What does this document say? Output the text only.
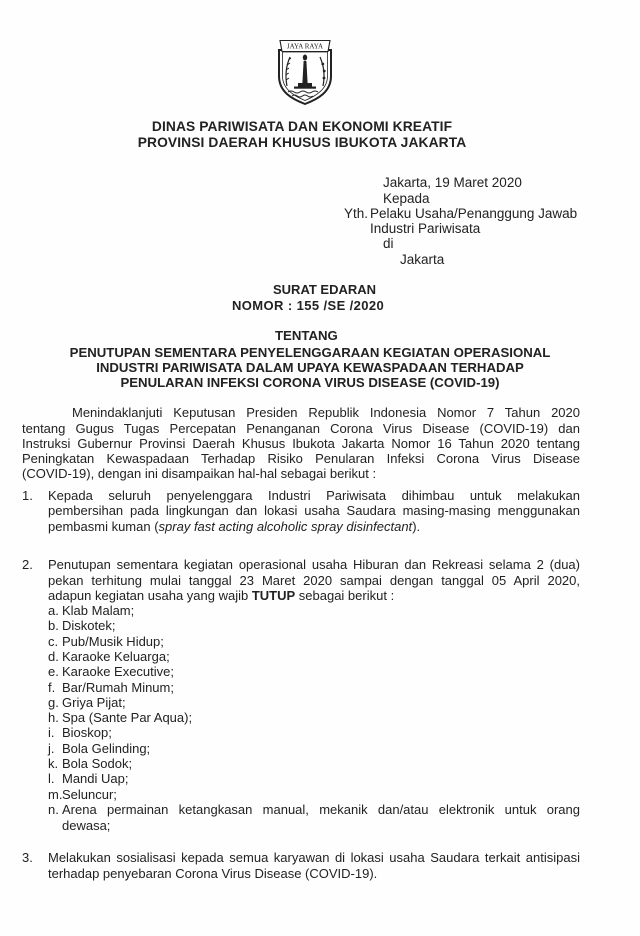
JAYA RAYA
DINAS PARIWISATA DAN EKONOMI KREATIF
PROVINSI DAERAH KHUSUS IBUKOTA JAKARTA
Jakarta, 19 Maret 2020
Kepada
Yth. Pelaku Usaha/Penanggung Jawab
Industri Pariwisata
di
Jakarta
SURAT EDARAN
NOMOR : 155 /SE /2020
TENTANG
PENUTUPAN SEMENTARA PENYELENGGARAAN KEGIATAN OPERASIONAL
INDUSTRI PARIWISATA DALAM UPAYA KEWASPADAAN TERHADAP
PENULARAN INFEKSI CORONA VIRUS DISEASE (COVID-19)
Menindaklanjuti Keputusan Presiden Republik Indonesia Nomor 7 Tahun 2020
tentang Gugus Tugas Percepatan Penanganan Corona Virus Disease (COVID-19) dan
Instruksi Gubernur Provinsi Daerah Khusus Ibukota Jakarta Nomor 16 Tahun 2020 tentang
Peningkatan Kewaspadaan Terhadap Risiko Penularan Infeksi Corona Virus Disease
(COVID-19), dengan ini disampaikan hal-hal sebagai berikut :
1. Kepada seluruh penyelenggara Industri Pariwisata dihimbau untuk melakukan
pembersihan pada lingkungan dan lokasi usaha Saudara masing-masing menggunakan
pembasmi kuman (spray fast acting alcoholic spray disinfectant).
2. Penutupan sementara kegiatan operasional usaha Hiburan dan Rekreasi selama 2 (dua)
pekan terhitung mulai tanggal 23 Maret 2020 sampai dengan tanggal 05 April 2020,
adapun kegiatan usaha yang wajib TUTUP sebagai berikut :
a. Klab Malam;
b. Diskotek;
c. Pub/Musik Hidup;
d. Karaoke Keluarga;
e. Karaoke Executive;
f. Bar/Rumah Minum;
g. Griya Pijat;
h. Spa (Sante Par Aqua);
i. Bioskop;
j. Bola Gelinding;
k. Bola Sodok;
l. Mandi Uap;
m. Seluncur;
n. Arena permainan ketangkasan manual, mekanik dan/atau elektronik untuk orang
dewasa;
3. Melakukan sosialisasi kepada semua karyawan di lokasi usaha Saudara terkait antisipasi
terhadap penyebaran Corona Virus Disease (COVID-19).
